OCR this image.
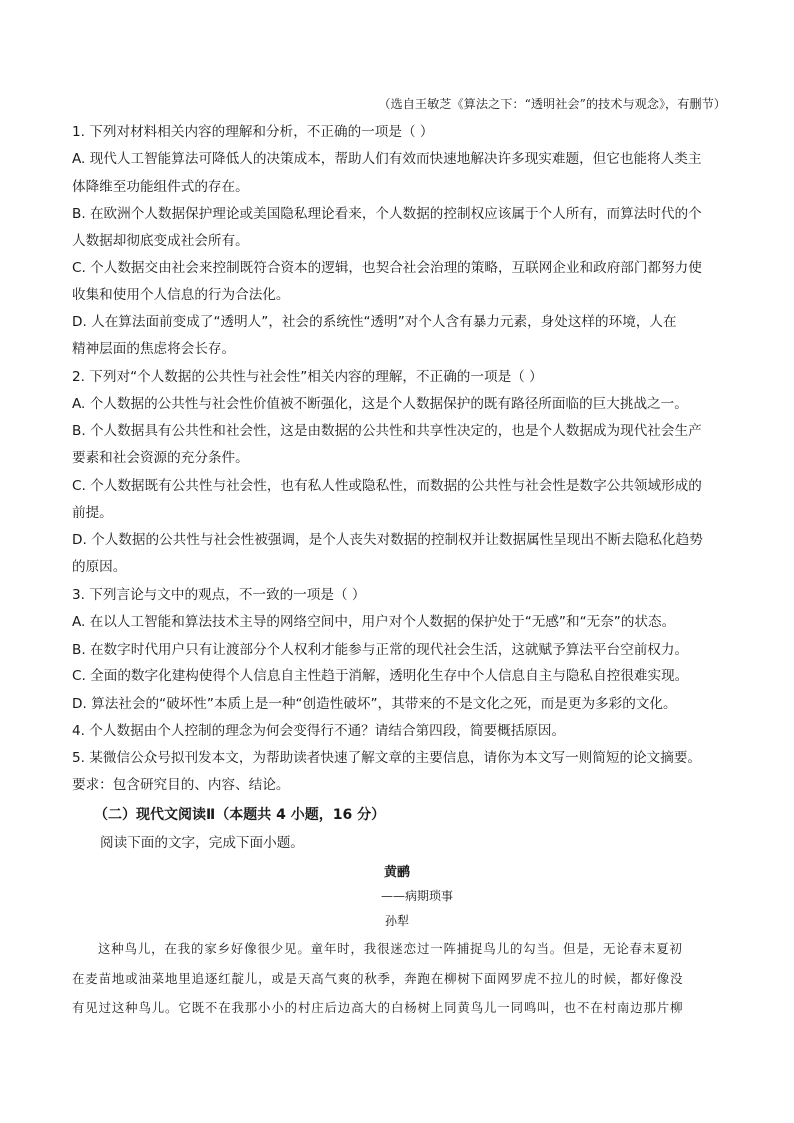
（选自王敏芝《算法之下：“透明社会”的技术与观念》，有删节）
1. 下列对材料相关内容的理解和分析，不正确的一项是（ ）
A. 现代人工智能算法可降低人的决策成本，帮助人们有效而快速地解决许多现实难题，但它也能将人类主
体降维至功能组件式的存在。
B. 在欧洲个人数据保护理论或美国隐私理论看来，个人数据的控制权应该属于个人所有，而算法时代的个
人数据却彻底变成社会所有。
C. 个人数据交由社会来控制既符合资本的逻辑，也契合社会治理的策略，互联网企业和政府部门都努力使
收集和使用个人信息的行为合法化。
D. 人在算法面前变成了“透明人”，社会的系统性“透明”对个人含有暴力元素，身处这样的环境，人在
精神层面的焦虑将会长存。
2. 下列对“个人数据的公共性与社会性”相关内容的理解，不正确的一项是（ ）
A. 个人数据的公共性与社会性价值被不断强化，这是个人数据保护的既有路径所面临的巨大挑战之一。
B. 个人数据具有公共性和社会性，这是由数据的公共性和共享性决定的，也是个人数据成为现代社会生产
要素和社会资源的充分条件。
C. 个人数据既有公共性与社会性，也有私人性或隐私性，而数据的公共性与社会性是数字公共领域形成的
前提。
D. 个人数据的公共性与社会性被强调，是个人丧失对数据的控制权并让数据属性呈现出不断去隐私化趋势
的原因。
3. 下列言论与文中的观点，不一致的一项是（ ）
A. 在以人工智能和算法技术主导的网络空间中，用户对个人数据的保护处于“无感”和“无奈”的状态。
B. 在数字时代用户只有让渡部分个人权利才能参与正常的现代社会生活，这就赋予算法平台空前权力。
C. 全面的数字化建构使得个人信息自主性趋于消解，透明化生存中个人信息自主与隐私自控很难实现。
D. 算法社会的“破坏性”本质上是一种“创造性破坏”，其带来的不是文化之死，而是更为多彩的文化。
4. 个人数据由个人控制的理念为何会变得行不通？请结合第四段，简要概括原因。
5. 某微信公众号拟刊发本文，为帮助读者快速了解文章的主要信息，请你为本文写一则简短的论文摘要。
要求：包含研究目的、内容、结论。
（二）现代文阅读Ⅱ（本题共 4 小题，16 分）
阅读下面的文字，完成下面小题。
黄鹂
——病期琐事
孙犁
这种鸟儿，在我的家乡好像很少见。童年时，我很迷恋过一阵捕捉鸟儿的勾当。但是，无论春末夏初
在麦苗地或油菜地里追逐红靛儿，或是天高气爽的秋季，奔跑在柳树下面网罗虎不拉儿的时候，都好像没
有见过这种鸟儿。它既不在我那小小的村庄后边高大的白杨树上同黄鸟儿一同鸣叫，也不在村南边那片柳
